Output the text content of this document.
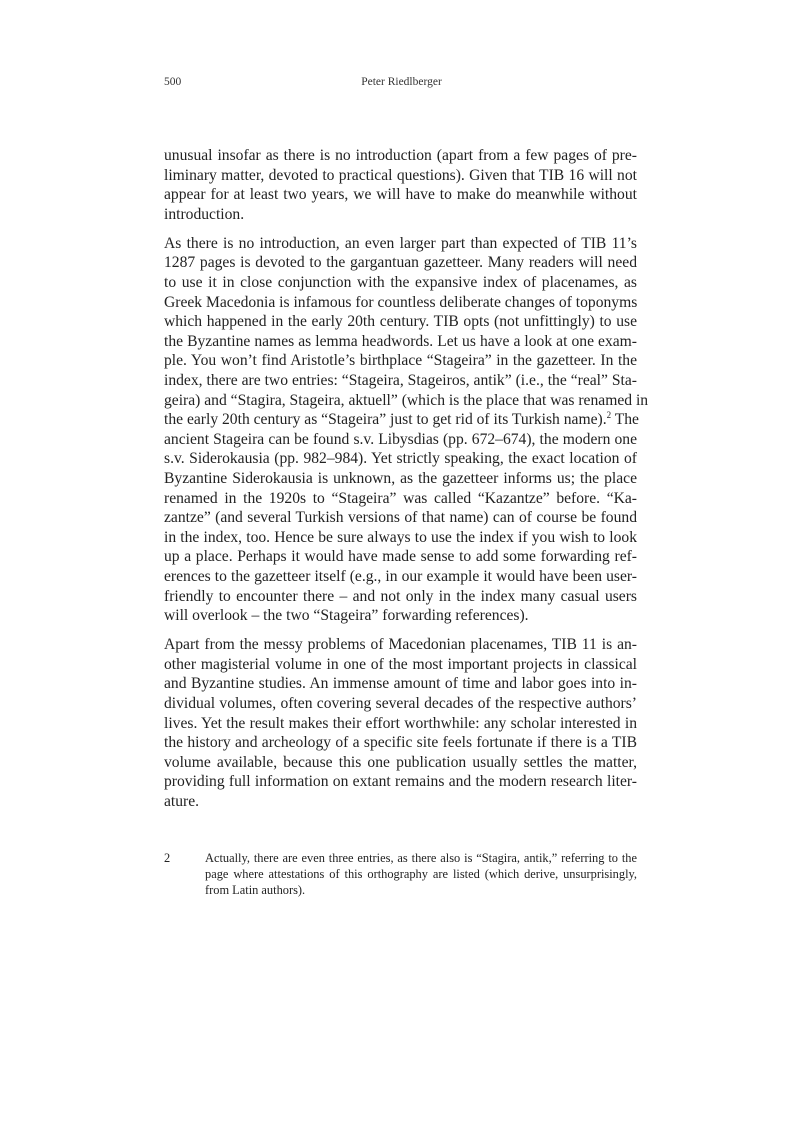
500	Peter Riedlberger
unusual insofar as there is no introduction (apart from a few pages of pre-
liminary matter, devoted to practical questions). Given that TIB 16 will not
appear for at least two years, we will have to make do meanwhile without
introduction.
As there is no introduction, an even larger part than expected of TIB 11’s
1287 pages is devoted to the gargantuan gazetteer. Many readers will need
to use it in close conjunction with the expansive index of placenames, as
Greek Macedonia is infamous for countless deliberate changes of toponyms
which happened in the early 20th century. TIB opts (not unfittingly) to use
the Byzantine names as lemma headwords. Let us have a look at one exam-
ple. You won’t find Aristotle’s birthplace “Stageira” in the gazetteer. In the
index, there are two entries: “Stageira, Stageiros, antik” (i.e., the “real” Sta-
geira) and “Stagira, Stageira, aktuell” (which is the place that was renamed in
the early 20th century as “Stageira” just to get rid of its Turkish name).$^2$ The
ancient Stageira can be found s.v. Libysdias (pp. 672–674), the modern one
s.v. Siderokausia (pp. 982–984). Yet strictly speaking, the exact location of
Byzantine Siderokausia is unknown, as the gazetteer informs us; the place
renamed in the 1920s to “Stageira” was called “Kazantze” before. “Ka-
zantze” (and several Turkish versions of that name) can of course be found
in the index, too. Hence be sure always to use the index if you wish to look
up a place. Perhaps it would have made sense to add some forwarding ref-
erences to the gazetteer itself (e.g., in our example it would have been user-
friendly to encounter there – and not only in the index many casual users
will overlook – the two “Stageira” forwarding references).
Apart from the messy problems of Macedonian placenames, TIB 11 is an-
other magisterial volume in one of the most important projects in classical
and Byzantine studies. An immense amount of time and labor goes into in-
dividual volumes, often covering several decades of the respective authors’
lives. Yet the result makes their effort worthwhile: any scholar interested in
the history and archeology of a specific site feels fortunate if there is a TIB
volume available, because this one publication usually settles the matter,
providing full information on extant remains and the modern research liter-
ature.
2	Actually, there are even three entries, as there also is “Stagira, antik,” referring to the
page where attestations of this orthography are listed (which derive, unsurprisingly,
from Latin authors).
